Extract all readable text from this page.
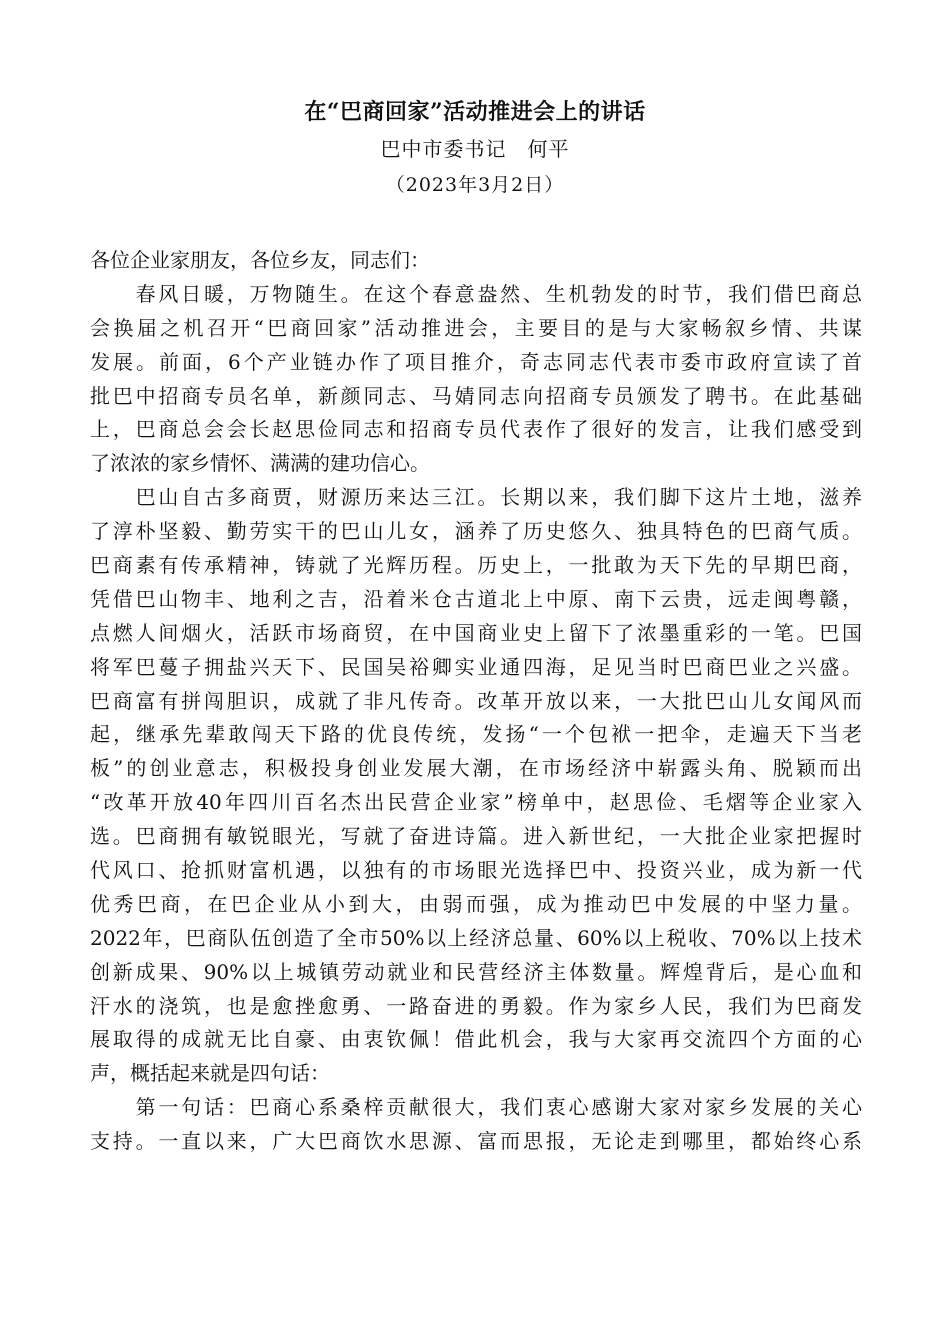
在“巴商回家”活动推进会上的讲话
巴中市委书记　何平
（2023年3月2日）
各位企业家朋友，各位乡友，同志们：
　　春风日暖，万物随生。在这个春意盎然、生机勃发的时节，我们借巴商总
会换届之机召开“巴商回家”活动推进会，主要目的是与大家畅叙乡情、共谋
发展。前面，6个产业链办作了项目推介，奇志同志代表市委市政府宣读了首
批巴中招商专员名单，新颜同志、马婧同志向招商专员颁发了聘书。在此基础
上，巴商总会会长赵思俭同志和招商专员代表作了很好的发言，让我们感受到
了浓浓的家乡情怀、满满的建功信心。
　　巴山自古多商贾，财源历来达三江。长期以来，我们脚下这片土地，滋养
了淳朴坚毅、勤劳实干的巴山儿女，涵养了历史悠久、独具特色的巴商气质。
巴商素有传承精神，铸就了光辉历程。历史上，一批敢为天下先的早期巴商，
凭借巴山物丰、地利之吉，沿着米仓古道北上中原、南下云贵，远走闽粤赣，
点燃人间烟火，活跃市场商贸，在中国商业史上留下了浓墨重彩的一笔。巴国
将军巴蔓子拥盐兴天下、民国吴裕卿实业通四海，足见当时巴商巴业之兴盛。
巴商富有拼闯胆识，成就了非凡传奇。改革开放以来，一大批巴山儿女闻风而
起，继承先辈敢闯天下路的优良传统，发扬“一个包袱一把伞，走遍天下当老
板”的创业意志，积极投身创业发展大潮，在市场经济中崭露头角、脱颖而出
“改革开放40年四川百名杰出民营企业家”榜单中，赵思俭、毛熠等企业家入
选。巴商拥有敏锐眼光，写就了奋进诗篇。进入新世纪，一大批企业家把握时
代风口、抢抓财富机遇，以独有的市场眼光选择巴中、投资兴业，成为新一代
优秀巴商，在巴企业从小到大，由弱而强，成为推动巴中发展的中坚力量。
2022年，巴商队伍创造了全市50%以上经济总量、60%以上税收、70%以上技术
创新成果、90%以上城镇劳动就业和民营经济主体数量。辉煌背后，是心血和
汗水的浇筑，也是愈挫愈勇、一路奋进的勇毅。作为家乡人民，我们为巴商发
展取得的成就无比自豪、由衷钦佩！借此机会，我与大家再交流四个方面的心
声，概括起来就是四句话：
　　第一句话：巴商心系桑梓贡献很大，我们衷心感谢大家对家乡发展的关心
支持。一直以来，广大巴商饮水思源、富而思报，无论走到哪里，都始终心系
